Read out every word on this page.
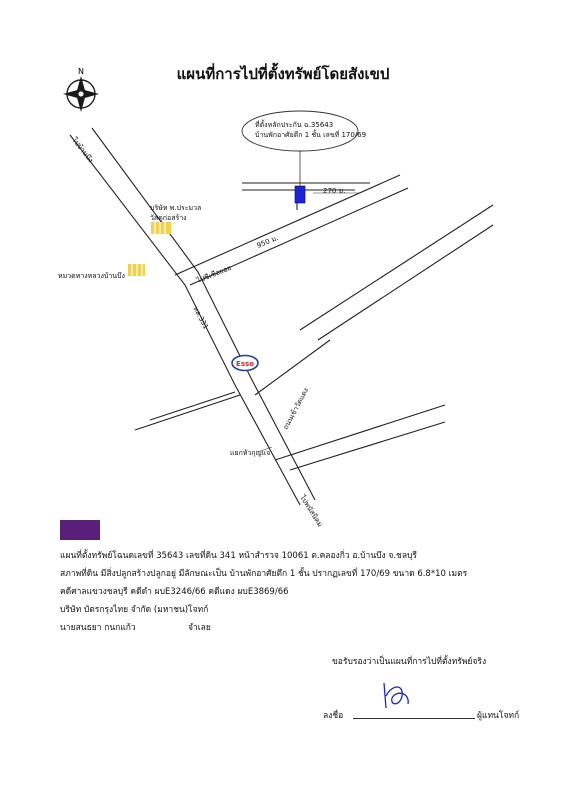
แผนที่การไปที่ตั้งทรัพย์โดยสังเขป
N
ที่ตั้งหลักประกัน ฉ.35643
บ้านพักอาศัยตึก 1 ชั้น เลขที่ 170/69
270 ม.
950 ม.
ไปบ้านบึง
ไปซีเชือยอย
บริษัท พ.ประมวล
วัสดุก่อสร้าง
หมวดทางหลวงบ้านบึง
ทล.331
ถนนเข้าวัดแดง
แยกหัวกุญแจ
ไปพนัสนิคม
Esso
แผนที่ตั้งทรัพย์โฉนดเลขที่ 35643 เลขที่ดิน 341 หน้าสำรวจ 10061 ต.คลองกิ่ว อ.บ้านบึง จ.ชลบุรี
สภาพที่ดิน มีสิ่งปลูกสร้างปลูกอยู่ มีลักษณะเป็น บ้านพักอาศัยตึก 1 ชั้น ปรากฏเลขที่ 170/69 ขนาด 6.8*10 เมตร
คดีศาลแขวงชลบุรี คดีดำ ผบE3246/66 คดีแดง ผบE3869/66
บริษัท บัตรกรุงไทย จำกัด (มหาชน) โจทก์
นายสนธยา กนกแก้ว	จำเลย
ขอรับรองว่าเป็นแผนที่การไปที่ตั้งทรัพย์จริง
ลงชื่อ	ผู้แทนโจทก์
